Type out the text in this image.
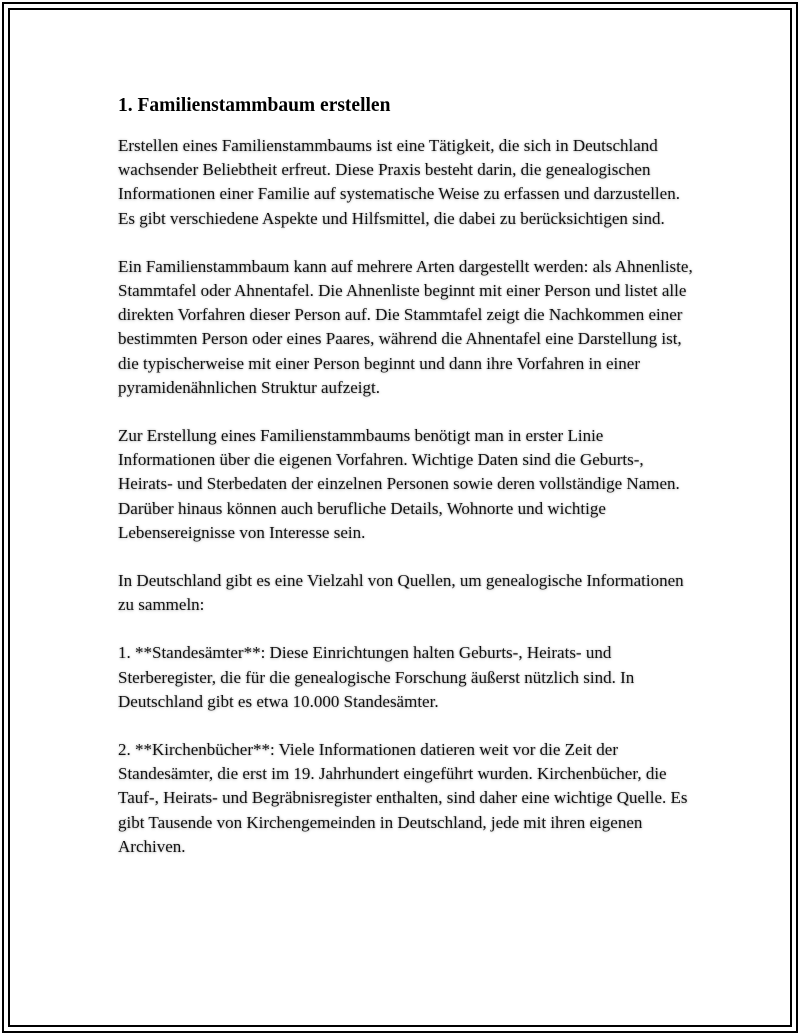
1. Familienstammbaum erstellen

Erstellen eines Familienstammbaums ist eine Tätigkeit, die sich in Deutschland wachsender Beliebtheit erfreut. Diese Praxis besteht darin, die genealogischen Informationen einer Familie auf systematische Weise zu erfassen und darzustellen. Es gibt verschiedene Aspekte und Hilfsmittel, die dabei zu berücksichtigen sind.

Ein Familienstammbaum kann auf mehrere Arten dargestellt werden: als Ahnenliste, Stammtafel oder Ahnentafel. Die Ahnenliste beginnt mit einer Person und listet alle direkten Vorfahren dieser Person auf. Die Stammtafel zeigt die Nachkommen einer bestimmten Person oder eines Paares, während die Ahnentafel eine Darstellung ist, die typischerweise mit einer Person beginnt und dann ihre Vorfahren in einer pyramidenähnlichen Struktur aufzeigt.

Zur Erstellung eines Familienstammbaums benötigt man in erster Linie Informationen über die eigenen Vorfahren. Wichtige Daten sind die Geburts-, Heirats- und Sterbedaten der einzelnen Personen sowie deren vollständige Namen. Darüber hinaus können auch berufliche Details, Wohnorte und wichtige Lebensereignisse von Interesse sein.

In Deutschland gibt es eine Vielzahl von Quellen, um genealogische Informationen zu sammeln:

1. **Standesämter**: Diese Einrichtungen halten Geburts-, Heirats- und Sterberegister, die für die genealogische Forschung äußerst nützlich sind. In Deutschland gibt es etwa 10.000 Standesämter.

2. **Kirchenbücher**: Viele Informationen datieren weit vor die Zeit der Standesämter, die erst im 19. Jahrhundert eingeführt wurden. Kirchenbücher, die Tauf-, Heirats- und Begräbnisregister enthalten, sind daher eine wichtige Quelle. Es gibt Tausende von Kirchengemeinden in Deutschland, jede mit ihren eigenen Archiven.
